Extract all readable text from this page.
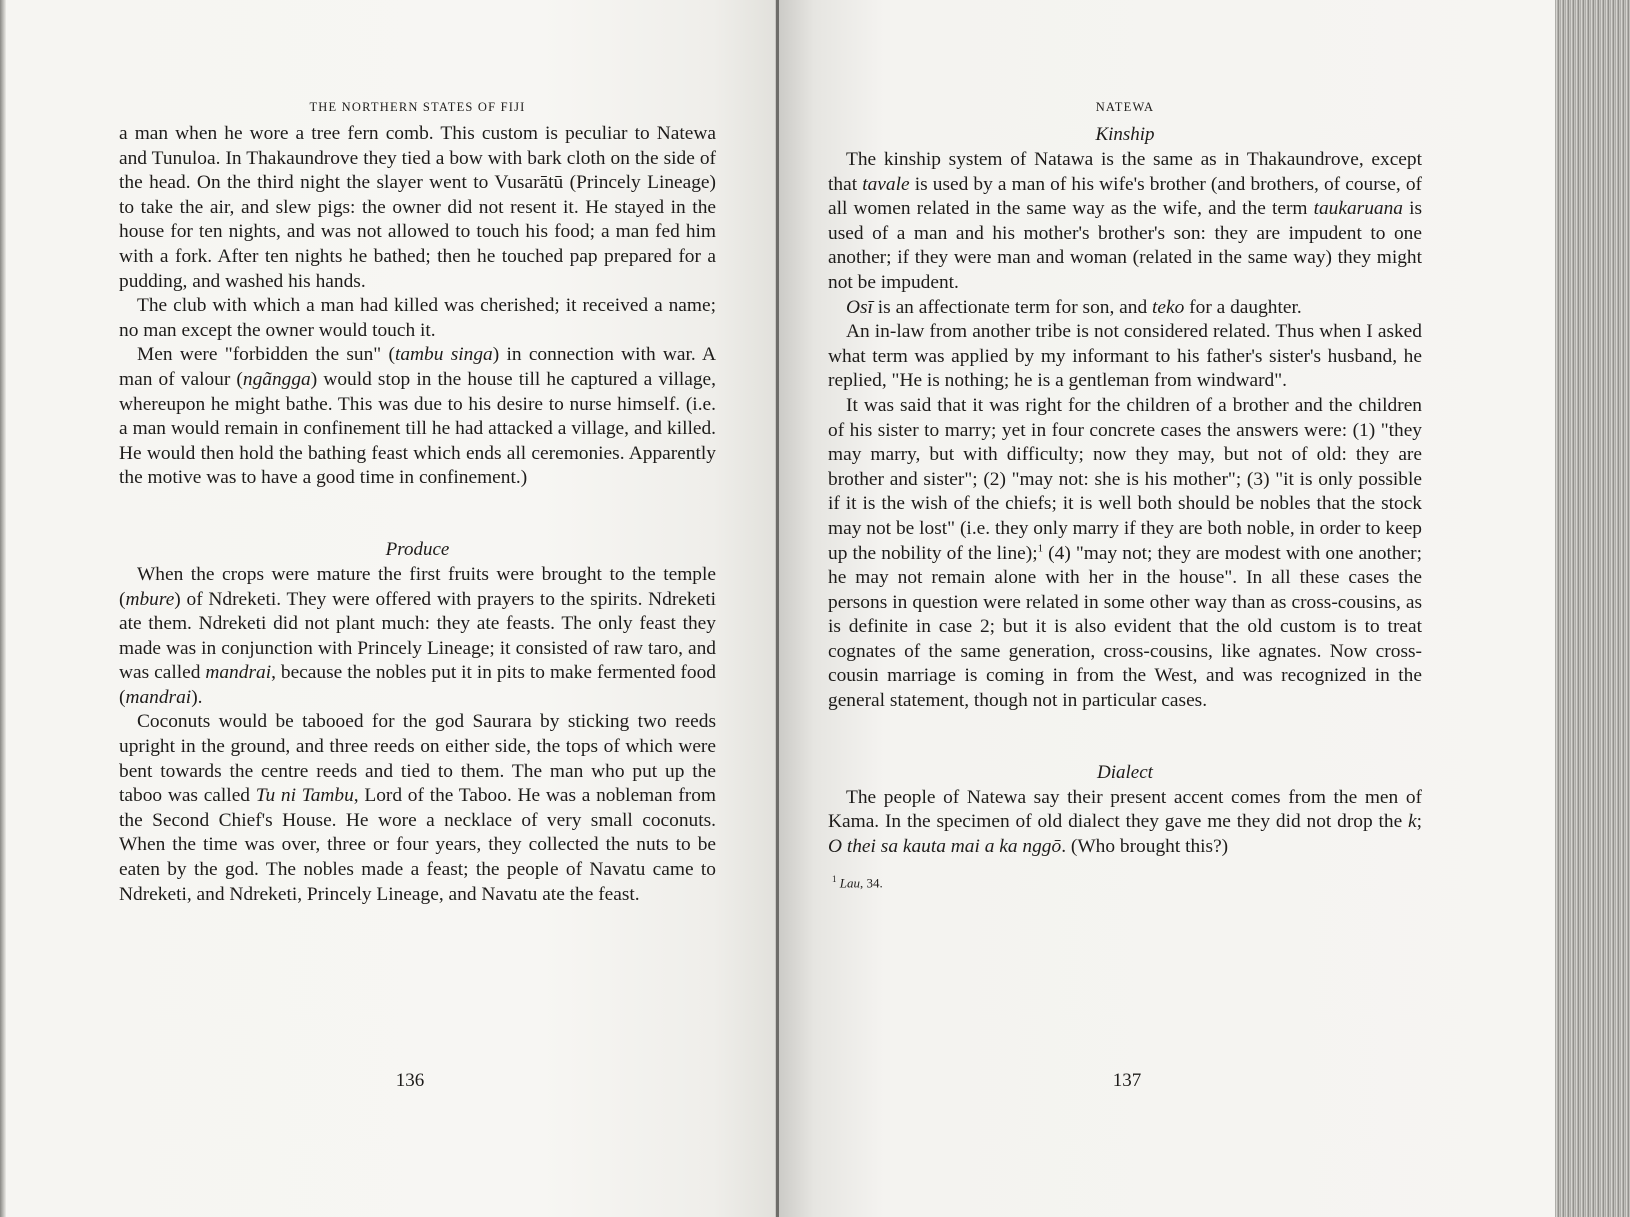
THE NORTHERN STATES OF FIJI

a man when he wore a tree fern comb. This custom is peculiar to Natewa and Tunuloa. In Thakaundrove they tied a bow with bark cloth on the side of the head. On the third night the slayer went to Vusarātū (Princely Lineage) to take the air, and slew pigs: the owner did not resent it. He stayed in the house for ten nights, and was not allowed to touch his food; a man fed him with a fork. After ten nights he bathed; then he touched pap prepared for a pudding, and washed his hands.

The club with which a man had killed was cherished; it received a name; no man except the owner would touch it.

Men were "forbidden the sun" (tambu singa) in connection with war. A man of valour (ngãngga) would stop in the house till he captured a village, whereupon he might bathe. This was due to his desire to nurse himself. (i.e. a man would remain in confinement till he had attacked a village, and killed. He would then hold the bathing feast which ends all ceremonies. Apparently the motive was to have a good time in confinement.)

Produce

When the crops were mature the first fruits were brought to the temple (mbure) of Ndreketi. They were offered with prayers to the spirits. Ndreketi ate them. Ndreketi did not plant much: they ate feasts. The only feast they made was in conjunction with Princely Lineage; it consisted of raw taro, and was called mandrai, because the nobles put it in pits to make fermented food (mandrai).

Coconuts would be tabooed for the god Saurara by sticking two reeds upright in the ground, and three reeds on either side, the tops of which were bent towards the centre reeds and tied to them. The man who put up the taboo was called Tu ni Tambu, Lord of the Taboo. He was a nobleman from the Second Chief's House. He wore a necklace of very small coconuts. When the time was over, three or four years, they collected the nuts to be eaten by the god. The nobles made a feast; the people of Navatu came to Ndreketi, and Ndreketi, Princely Lineage, and Navatu ate the feast.

136
NATEWA
Kinship

The kinship system of Natawa is the same as in Thakaundrove, except that tavale is used by a man of his wife's brother (and brothers, of course, of all women related in the same way as the wife, and the term taukaruana is used of a man and his mother's brother's son: they are impudent to one another; if they were man and woman (related in the same way) they might not be impudent.

Osī is an affectionate term for son, and teko for a daughter.

An in-law from another tribe is not considered related. Thus when I asked what term was applied by my informant to his father's sister's husband, he replied, "He is nothing; he is a gentleman from windward".

It was said that it was right for the children of a brother and the children of his sister to marry; yet in four concrete cases the answers were: (1) "they may marry, but with difficulty; now they may, but not of old: they are brother and sister"; (2) "may not: she is his mother"; (3) "it is only possible if it is the wish of the chiefs; it is well both should be nobles that the stock may not be lost" (i.e. they only marry if they are both noble, in order to keep up the nobility of the line);$^1$ (4) "may not; they are modest with one another; he may not remain alone with her in the house". In all these cases the persons in question were related in some other way than as cross-cousins, as is definite in case 2; but it is also evident that the old custom is to treat cognates of the same generation, cross-cousins, like agnates. Now cross-cousin marriage is coming in from the West, and was recognized in the general statement, though not in particular cases.

Dialect

The people of Natewa say their present accent comes from the men of Kama. In the specimen of old dialect they gave me they did not drop the k; O thei sa kauta mai a ka nggō. (Who brought this?)

$^1$ Lau, 34.
137
